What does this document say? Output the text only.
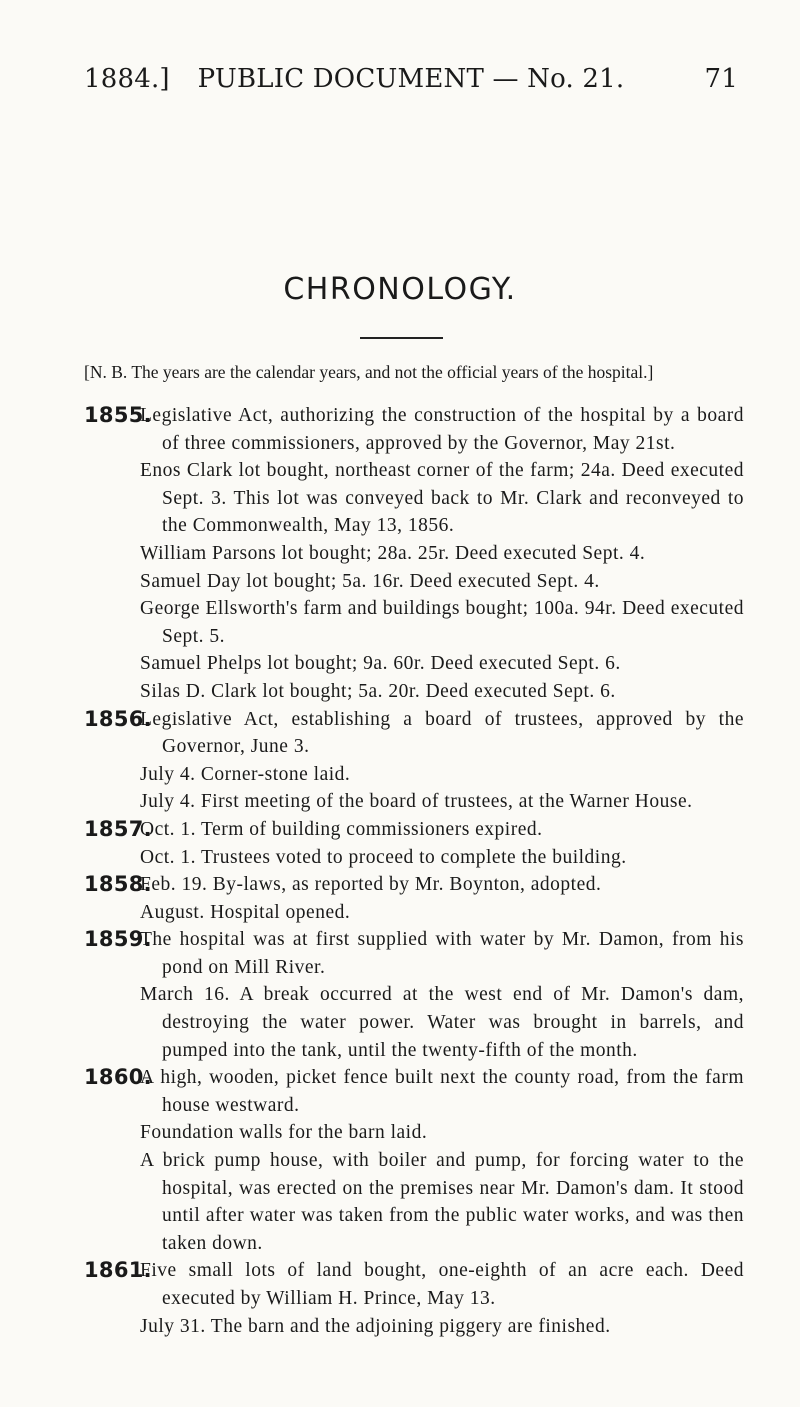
1884.]	PUBLIC DOCUMENT — No. 21.	71
CHRONOLOGY.
[N. B. The years are the calendar years, and not the official years of the hospital.]
1855.
Legislative Act, authorizing the construction of the hospital by a board of three commissioners, approved by the Governor, May 21st.
Enos Clark lot bought, northeast corner of the farm; 24a. Deed executed Sept. 3. This lot was conveyed back to Mr. Clark and reconveyed to the Commonwealth, May 13, 1856.
William Parsons lot bought; 28a. 25r. Deed executed Sept. 4.
Samuel Day lot bought; 5a. 16r. Deed executed Sept. 4.
George Ellsworth's farm and buildings bought; 100a. 94r. Deed executed Sept. 5.
Samuel Phelps lot bought; 9a. 60r. Deed executed Sept. 6.
Silas D. Clark lot bought; 5a. 20r. Deed executed Sept. 6.
1856.
Legislative Act, establishing a board of trustees, approved by the Governor, June 3.
July 4. Corner-stone laid.
July 4. First meeting of the board of trustees, at the Warner House.
1857.
Oct. 1. Term of building commissioners expired.
Oct. 1. Trustees voted to proceed to complete the building.
1858.
Feb. 19. By-laws, as reported by Mr. Boynton, adopted.
August. Hospital opened.
1859.
The hospital was at first supplied with water by Mr. Damon, from his pond on Mill River.
March 16. A break occurred at the west end of Mr. Damon's dam, destroying the water power. Water was brought in barrels, and pumped into the tank, until the twenty-fifth of the month.
1860.
A high, wooden, picket fence built next the county road, from the farm house westward.
Foundation walls for the barn laid.
A brick pump house, with boiler and pump, for forcing water to the hospital, was erected on the premises near Mr. Damon's dam. It stood until after water was taken from the public water works, and was then taken down.
1861.
Five small lots of land bought, one-eighth of an acre each. Deed executed by William H. Prince, May 13.
July 31. The barn and the adjoining piggery are finished.
